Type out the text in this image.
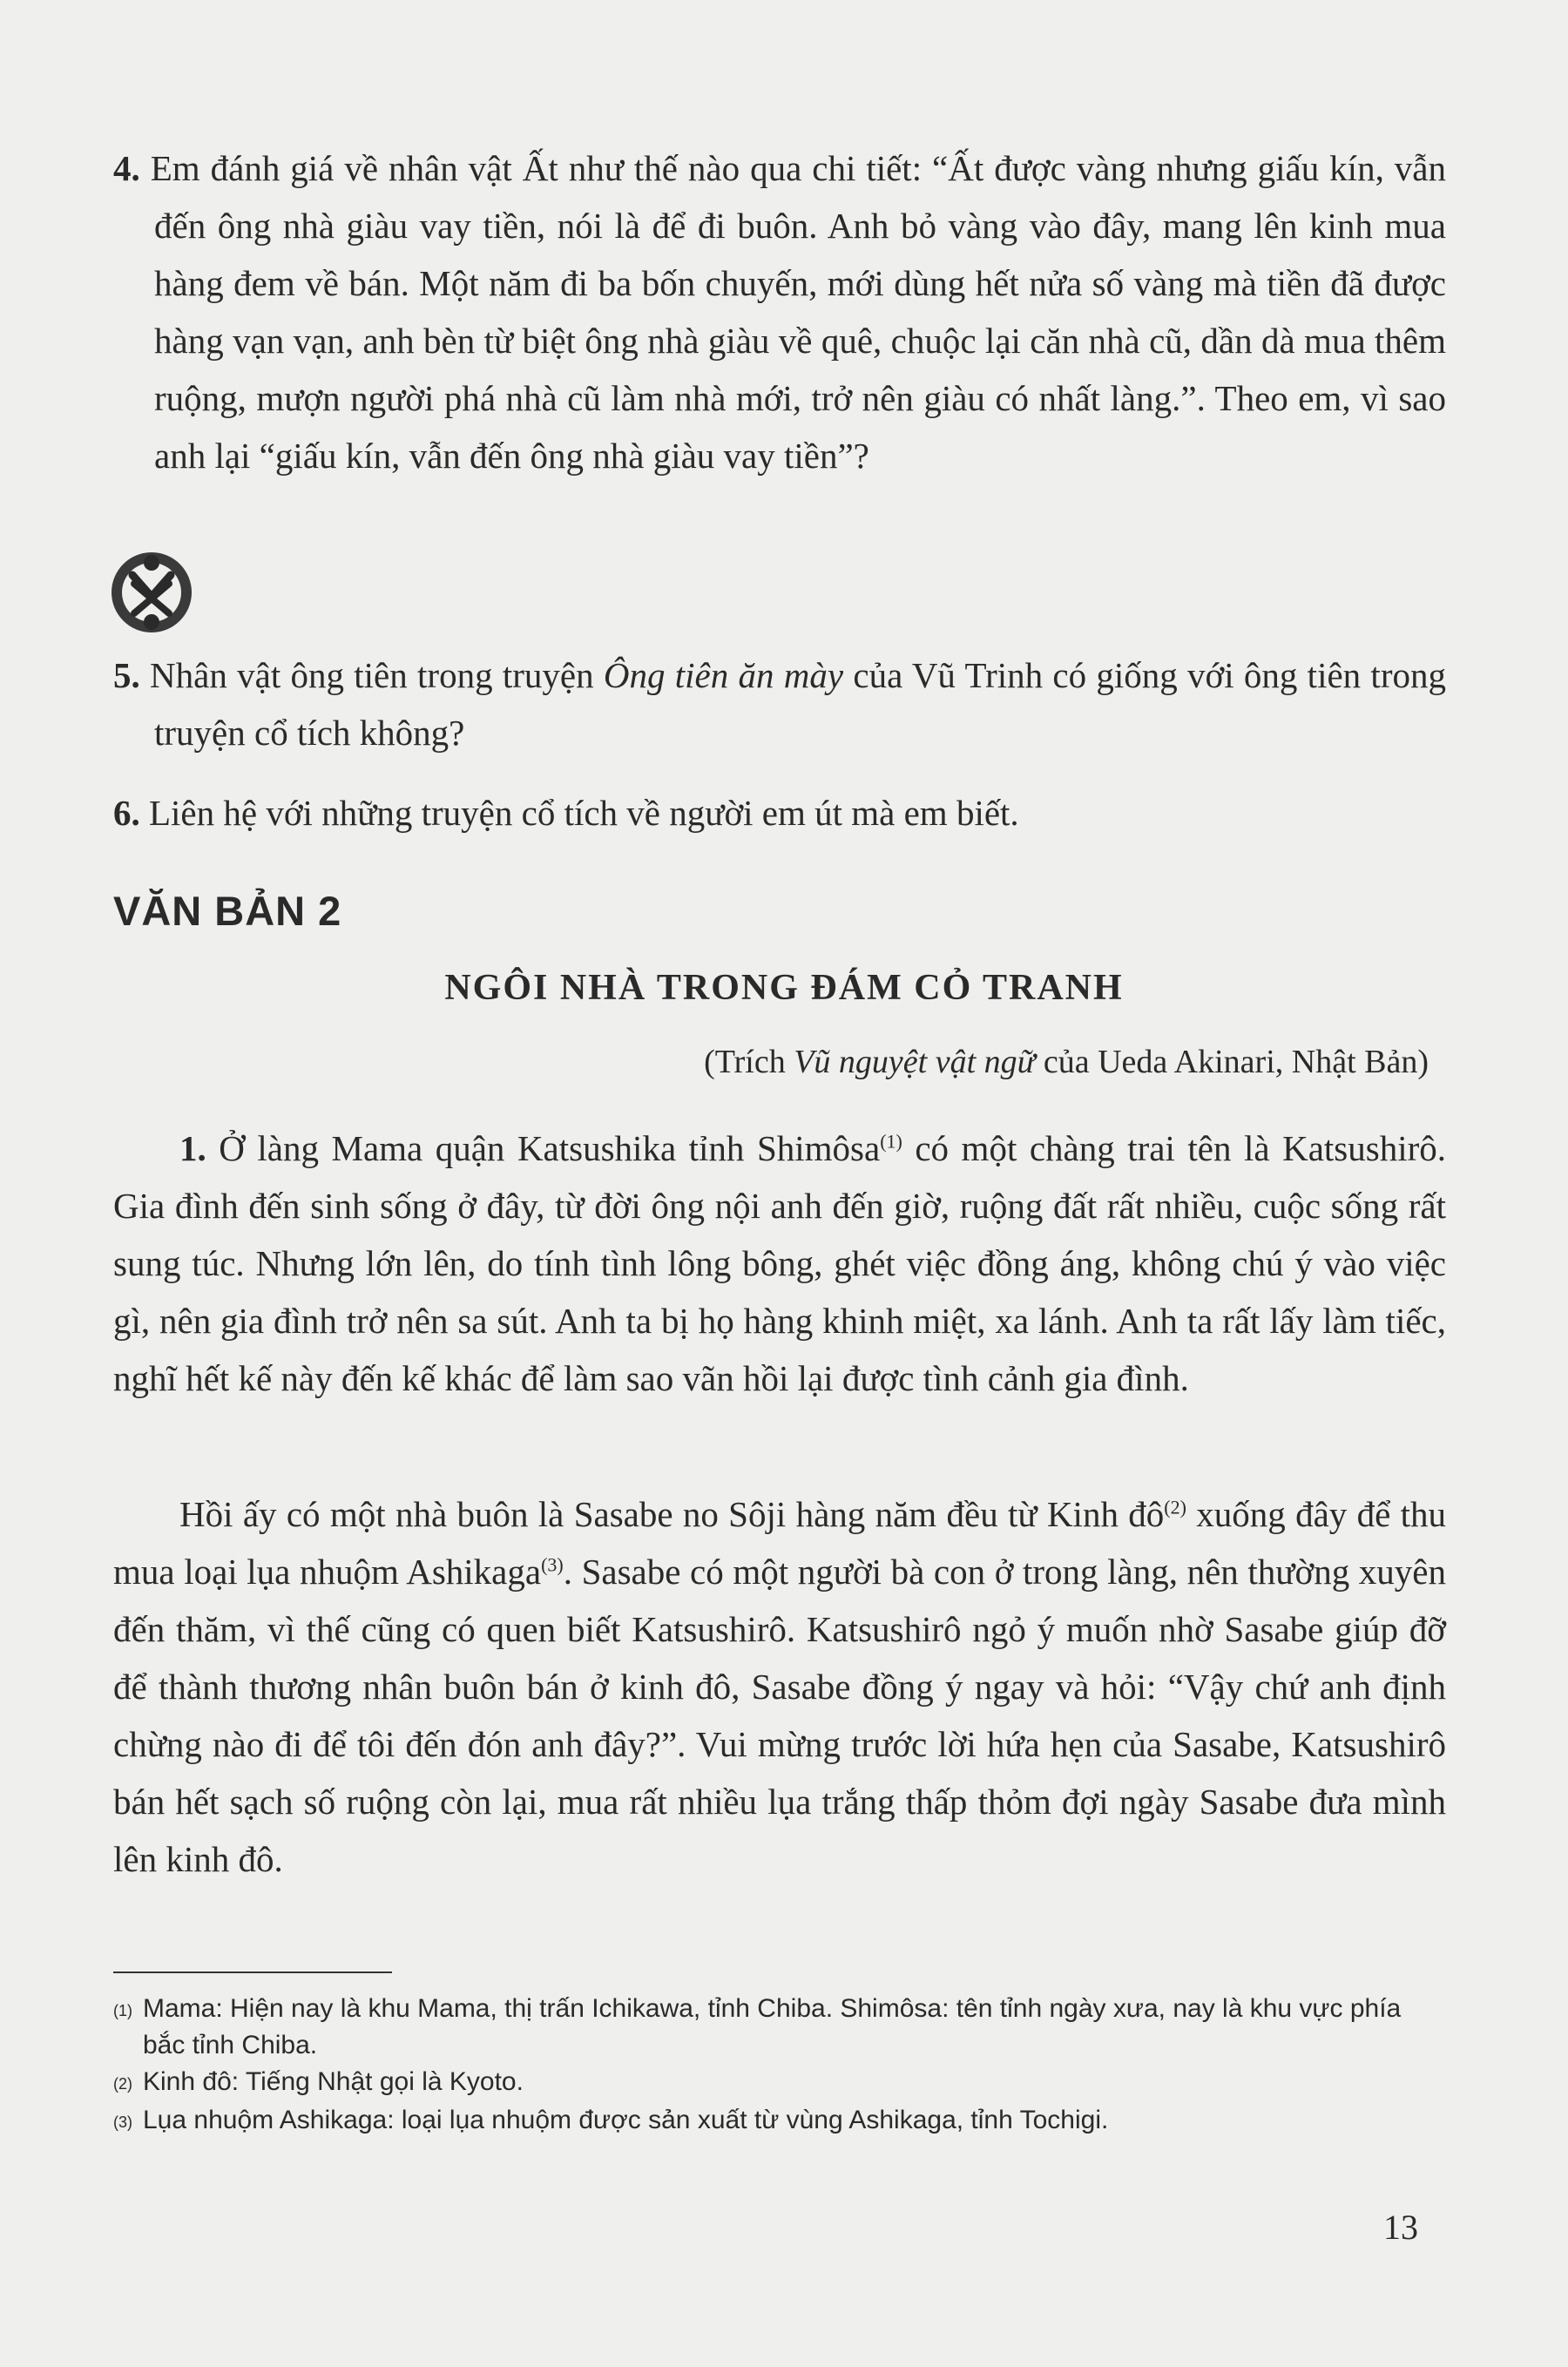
4. Em đánh giá về nhân vật Ất như thế nào qua chi tiết: “Ất được vàng nhưng giấu kín, vẫn đến ông nhà giàu vay tiền, nói là để đi buôn. Anh bỏ vàng vào đây, mang lên kinh mua hàng đem về bán. Một năm đi ba bốn chuyến, mới dùng hết nửa số vàng mà tiền đã được hàng vạn vạn, anh bèn từ biệt ông nhà giàu về quê, chuộc lại căn nhà cũ, dần dà mua thêm ruộng, mượn người phá nhà cũ làm nhà mới, trở nên giàu có nhất làng.”. Theo em, vì sao anh lại “giấu kín, vẫn đến ông nhà giàu vay tiền”?
5. Nhân vật ông tiên trong truyện Ông tiên ăn mày của Vũ Trinh có giống với ông tiên trong truyện cổ tích không?
6. Liên hệ với những truyện cổ tích về người em út mà em biết.
VĂN BẢN 2
NGÔI NHÀ TRONG ĐÁM CỎ TRANH
(Trích Vũ nguyệt vật ngữ của Ueda Akinari, Nhật Bản)
1. Ở làng Mama quận Katsushika tỉnh Shimôsa$^{(1)}$ có một chàng trai tên là Katsushirô. Gia đình đến sinh sống ở đây, từ đời ông nội anh đến giờ, ruộng đất rất nhiều, cuộc sống rất sung túc. Nhưng lớn lên, do tính tình lông bông, ghét việc đồng áng, không chú ý vào việc gì, nên gia đình trở nên sa sút. Anh ta bị họ hàng khinh miệt, xa lánh. Anh ta rất lấy làm tiếc, nghĩ hết kế này đến kế khác để làm sao vãn hồi lại được tình cảnh gia đình.
Hồi ấy có một nhà buôn là Sasabe no Sôji hàng năm đều từ Kinh $đô^{(2)}$ xuống đây để thu mua loại lụa nhuộm Ashikaga$^{(3)}$. Sasabe có một người bà con ở trong làng, nên thường xuyên đến thăm, vì thế cũng có quen biết Katsushirô. Katsushirô ngỏ ý muốn nhờ Sasabe giúp đỡ để thành thương nhân buôn bán ở kinh đô, Sasabe đồng ý ngay và hỏi: “Vậy chứ anh định chừng nào đi để tôi đến đón anh đây?”. Vui mừng trước lời hứa hẹn của Sasabe, Katsushirô bán hết sạch số ruộng còn lại, mua rất nhiều lụa trắng thấp thỏm đợi ngày Sasabe đưa mình lên kinh đô.
(1) Mama: Hiện nay là khu Mama, thị trấn Ichikawa, tỉnh Chiba. Shimôsa: tên tỉnh ngày xưa, nay là khu vực phía bắc tỉnh Chiba.
(2) Kinh đô: Tiếng Nhật gọi là Kyoto.
(3) Lụa nhuộm Ashikaga: loại lụa nhuộm được sản xuất từ vùng Ashikaga, tỉnh Tochigi.
13
